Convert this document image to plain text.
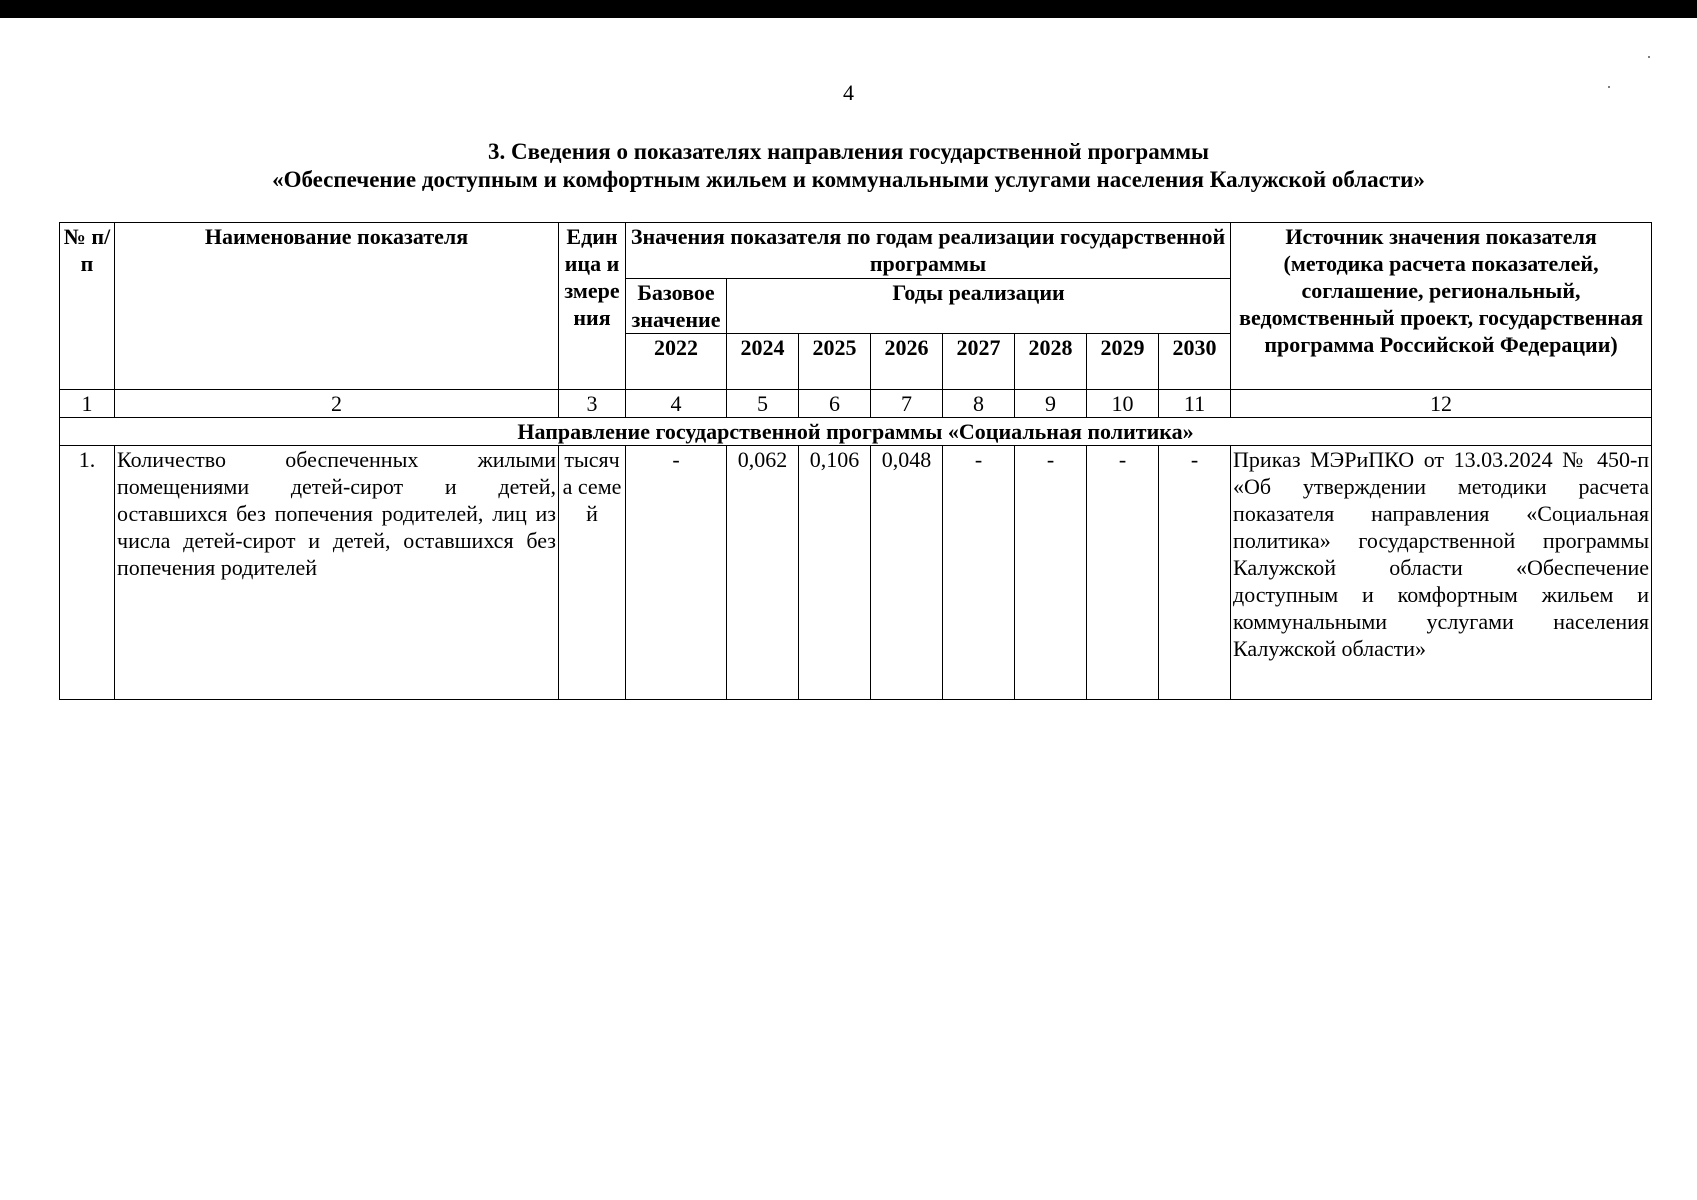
4
3. Сведения о показателях направления государственной программы
«Обеспечение доступным и комфортным жильем и коммунальными услугами населения Калужской области»
№ п/п	Наименование показателя	Единица измерения	Значения показателя по годам реализации государственной программы								Источник значения показателя (методика расчета показателей, соглашение, региональный, ведомственный проект, государственная программа Российской Федерации)
			Базовое значение	Годы реализации							
			2022	2024	2025	2026	2027	2028	2029	2030	
1	2	3	4	5	6	7	8	9	10	11	12
Направление государственной программы «Социальная политика»											
1.	Количество обеспеченных жилыми помещениями детей-сирот и детей, оставшихся без попечения родителей, лиц из числа детей-сирот и детей, оставшихся без попечения родителей	тысяча семей	-	0,062	0,106	0,048	-	-	-	-	Приказ МЭРиПКО от 13.03.2024 № 450-п «Об утверждении методики расчета показателя направления «Социальная политика» государственной программы Калужской области «Обеспечение доступным и комфортным жильем и коммунальными услугами населения Калужской области»
